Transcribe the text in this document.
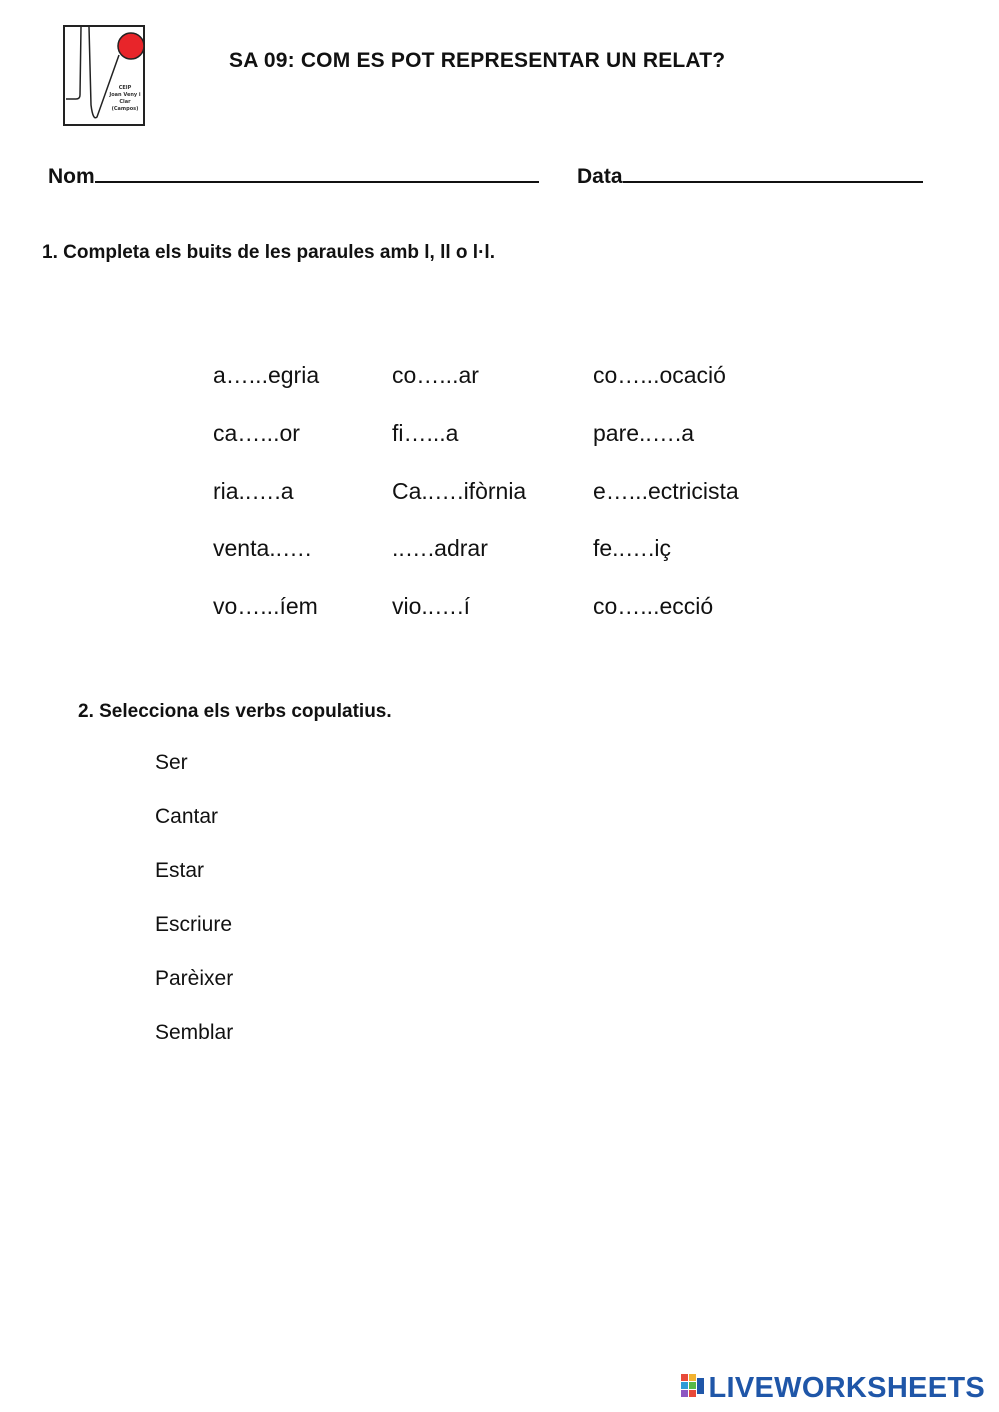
CEIP
Joan Veny i
Clar
(Campos)
SA 09: COM ES POT REPRESENTAR UN RELAT?
Nom	Data
1. Completa els buits de les paraules amb l, ll o l·l.
a…...egria
ca…...or
ria..….a
venta..….
vo…...íem
co…...ar
fi…...a
Ca..….ifòrnia
..….adrar
vio..….í
co…...ocació
pare..….a
e…...ectricista
fe..….iç
co…...ecció
2. Selecciona els verbs copulatius.
Ser
Cantar
Estar
Escriure
Parèixer
Semblar
LIVEWORKSHEETS
